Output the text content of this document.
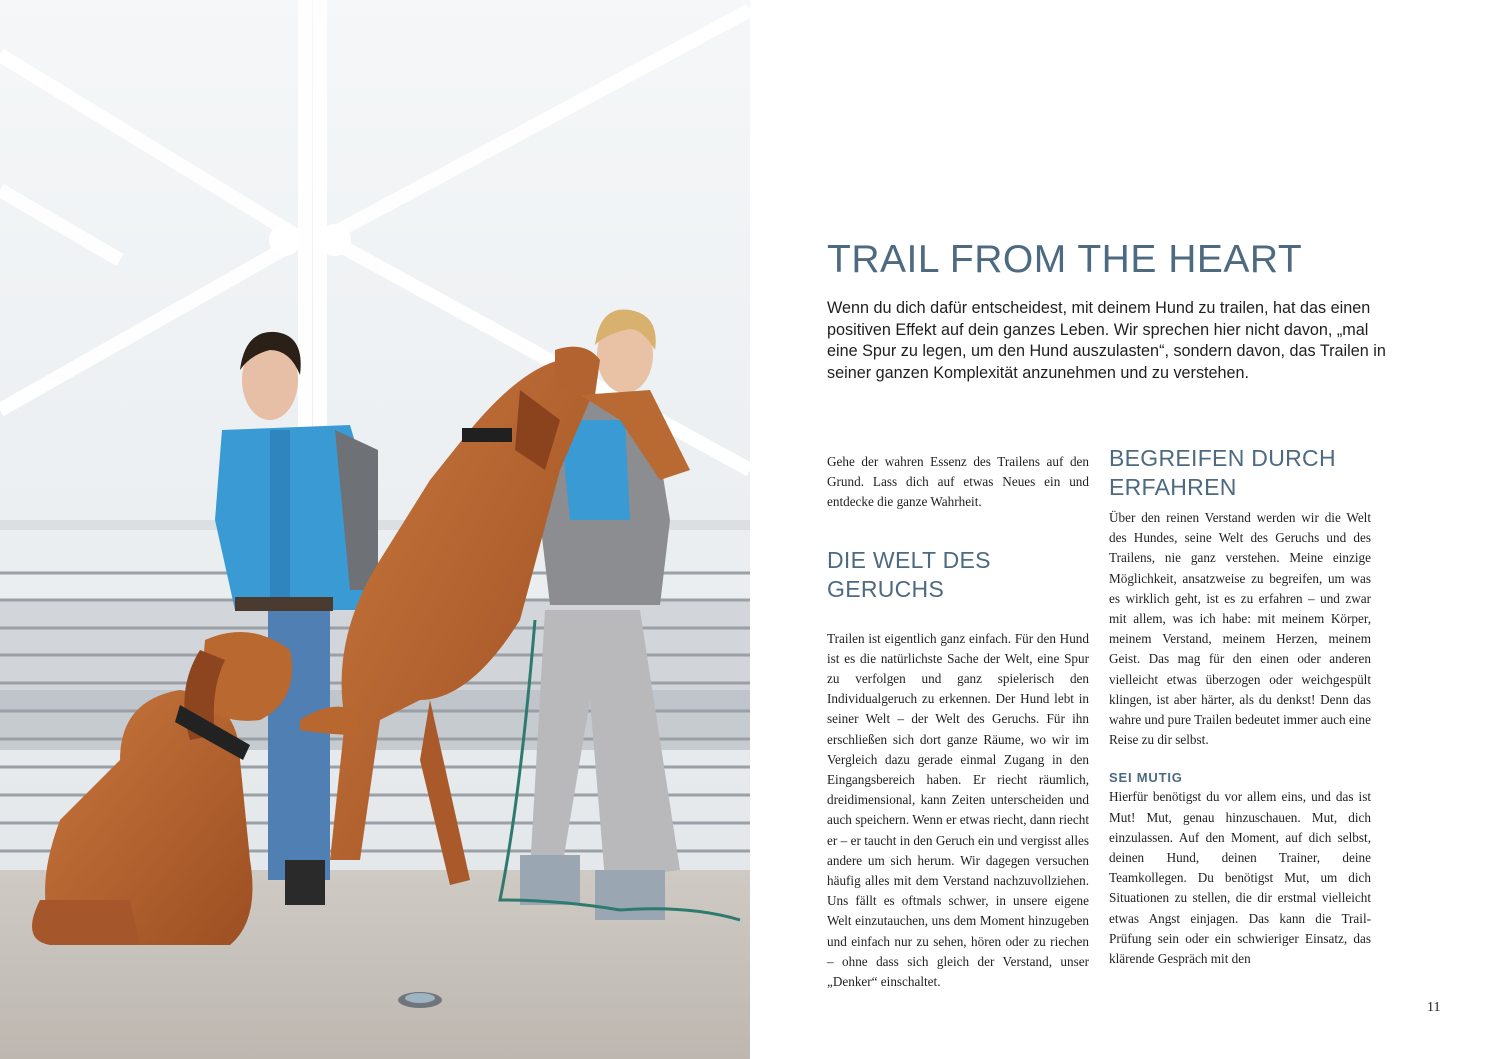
TRAIL FROM THE HEART

Wenn du dich dafür entscheidest, mit deinem Hund zu trailen, hat das einen positiven Effekt auf dein ganzes Leben. Wir sprechen hier nicht davon, „mal eine Spur zu legen, um den Hund auszulasten“, sondern davon, das Trailen in seiner ganzen Komplexität anzunehmen und zu verstehen.

Gehe der wahren Essenz des Trailens auf den Grund. Lass dich auf etwas Neues ein und entdecke die ganze Wahrheit.

DIE WELT DES GERUCHS

Trailen ist eigentlich ganz einfach. Für den Hund ist es die natürlichste Sache der Welt, eine Spur zu verfolgen und ganz spielerisch den Individualgeruch zu erkennen. Der Hund lebt in seiner Welt – der Welt des Geruchs. Für ihn erschließen sich dort ganze Räume, wo wir im Vergleich dazu gerade einmal Zugang in den Eingangsbereich haben. Er riecht räumlich, dreidimensional, kann Zeiten unterscheiden und auch speichern. Wenn er etwas riecht, dann riecht er – er taucht in den Geruch ein und vergisst alles andere um sich herum. Wir dagegen versuchen häufig alles mit dem Verstand nachzuvollziehen. Uns fällt es oftmals schwer, in unsere eigene Welt einzutauchen, uns dem Moment hinzugeben und einfach nur zu sehen, hören oder zu riechen – ohne dass sich gleich der Verstand, unser „Denker“ einschaltet.

BEGREIFEN DURCH ERFAHREN

Über den reinen Verstand werden wir die Welt des Hundes, seine Welt des Geruchs und des Trailens, nie ganz verstehen. Meine einzige Möglichkeit, ansatzweise zu begreifen, um was es wirklich geht, ist es zu erfahren – und zwar mit allem, was ich habe: mit meinem Körper, meinem Verstand, meinem Herzen, meinem Geist. Das mag für den einen oder anderen vielleicht etwas überzogen oder weichgespült klingen, ist aber härter, als du denkst! Denn das wahre und pure Trailen bedeutet immer auch eine Reise zu dir selbst.

SEI MUTIG

Hierfür benötigst du vor allem eins, und das ist Mut! Mut, genau hinzuschauen. Mut, dich einzulassen. Auf den Moment, auf dich selbst, deinen Hund, deinen Trainer, deine Teamkollegen. Du benötigst Mut, um dich Situationen zu stellen, die dir erstmal vielleicht etwas Angst einjagen. Das kann die Trail-Prüfung sein oder ein schwieriger Einsatz, das klärende Gespräch mit den

11
